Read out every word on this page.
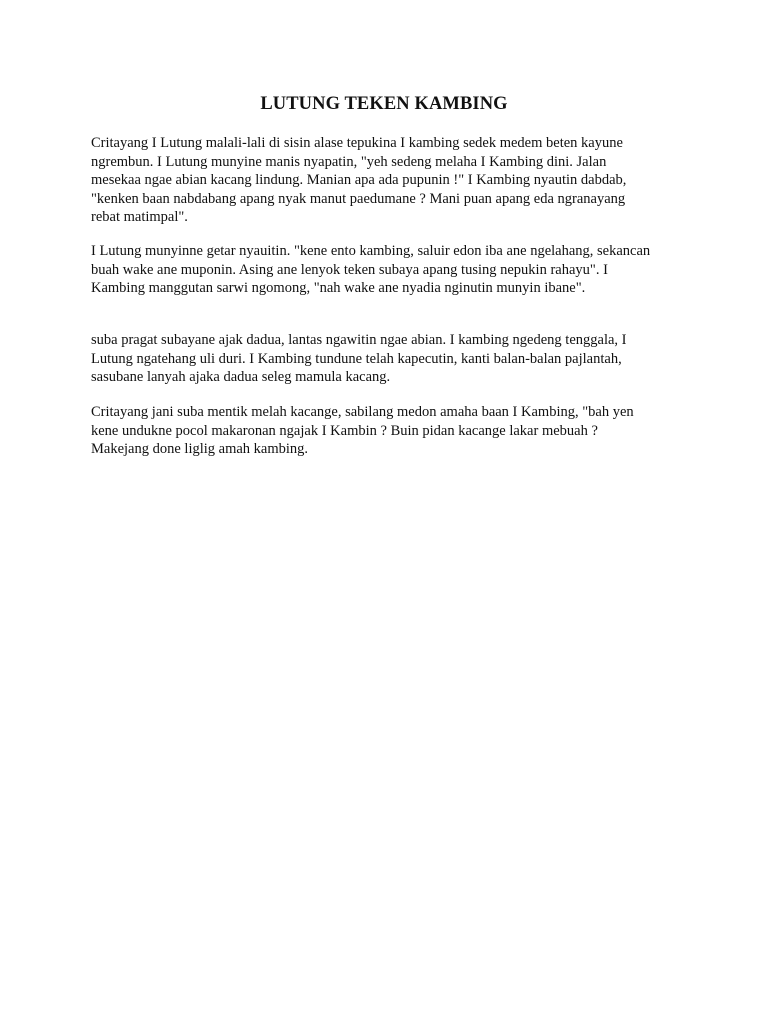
LUTUNG TEKEN KAMBING

Critayang I Lutung malali-lali di sisin alase tepukina I kambing sedek medem beten kayune
ngrembun. I Lutung munyine manis nyapatin, "yeh sedeng melaha I Kambing dini. Jalan
mesekaa ngae abian kacang lindung. Manian apa ada pupunin !" I Kambing nyautin dabdab,
"kenken baan nabdabang apang nyak manut paedumane ? Mani puan apang eda ngranayang
rebat matimpal".

I Lutung munyinne getar nyauitin. "kene ento kambing, saluir edon iba ane ngelahang, sekancan
buah wake ane muponin. Asing ane lenyok teken subaya apang tusing nepukin rahayu". I
Kambing manggutan sarwi ngomong, "nah wake ane nyadia nginutin munyin ibane".

suba pragat subayane ajak dadua, lantas ngawitin ngae abian. I kambing ngedeng tenggala, I
Lutung ngatehang uli duri. I Kambing tundune telah kapecutin, kanti balan-balan pajlantah,
sasubane lanyah ajaka dadua seleg mamula kacang.

Critayang jani suba mentik melah kacange, sabilang medon amaha baan I Kambing, "bah yen
kene undukne pocol makaronan ngajak I Kambin ? Buin pidan kacange lakar mebuah ?
Makejang done liglig amah kambing.
